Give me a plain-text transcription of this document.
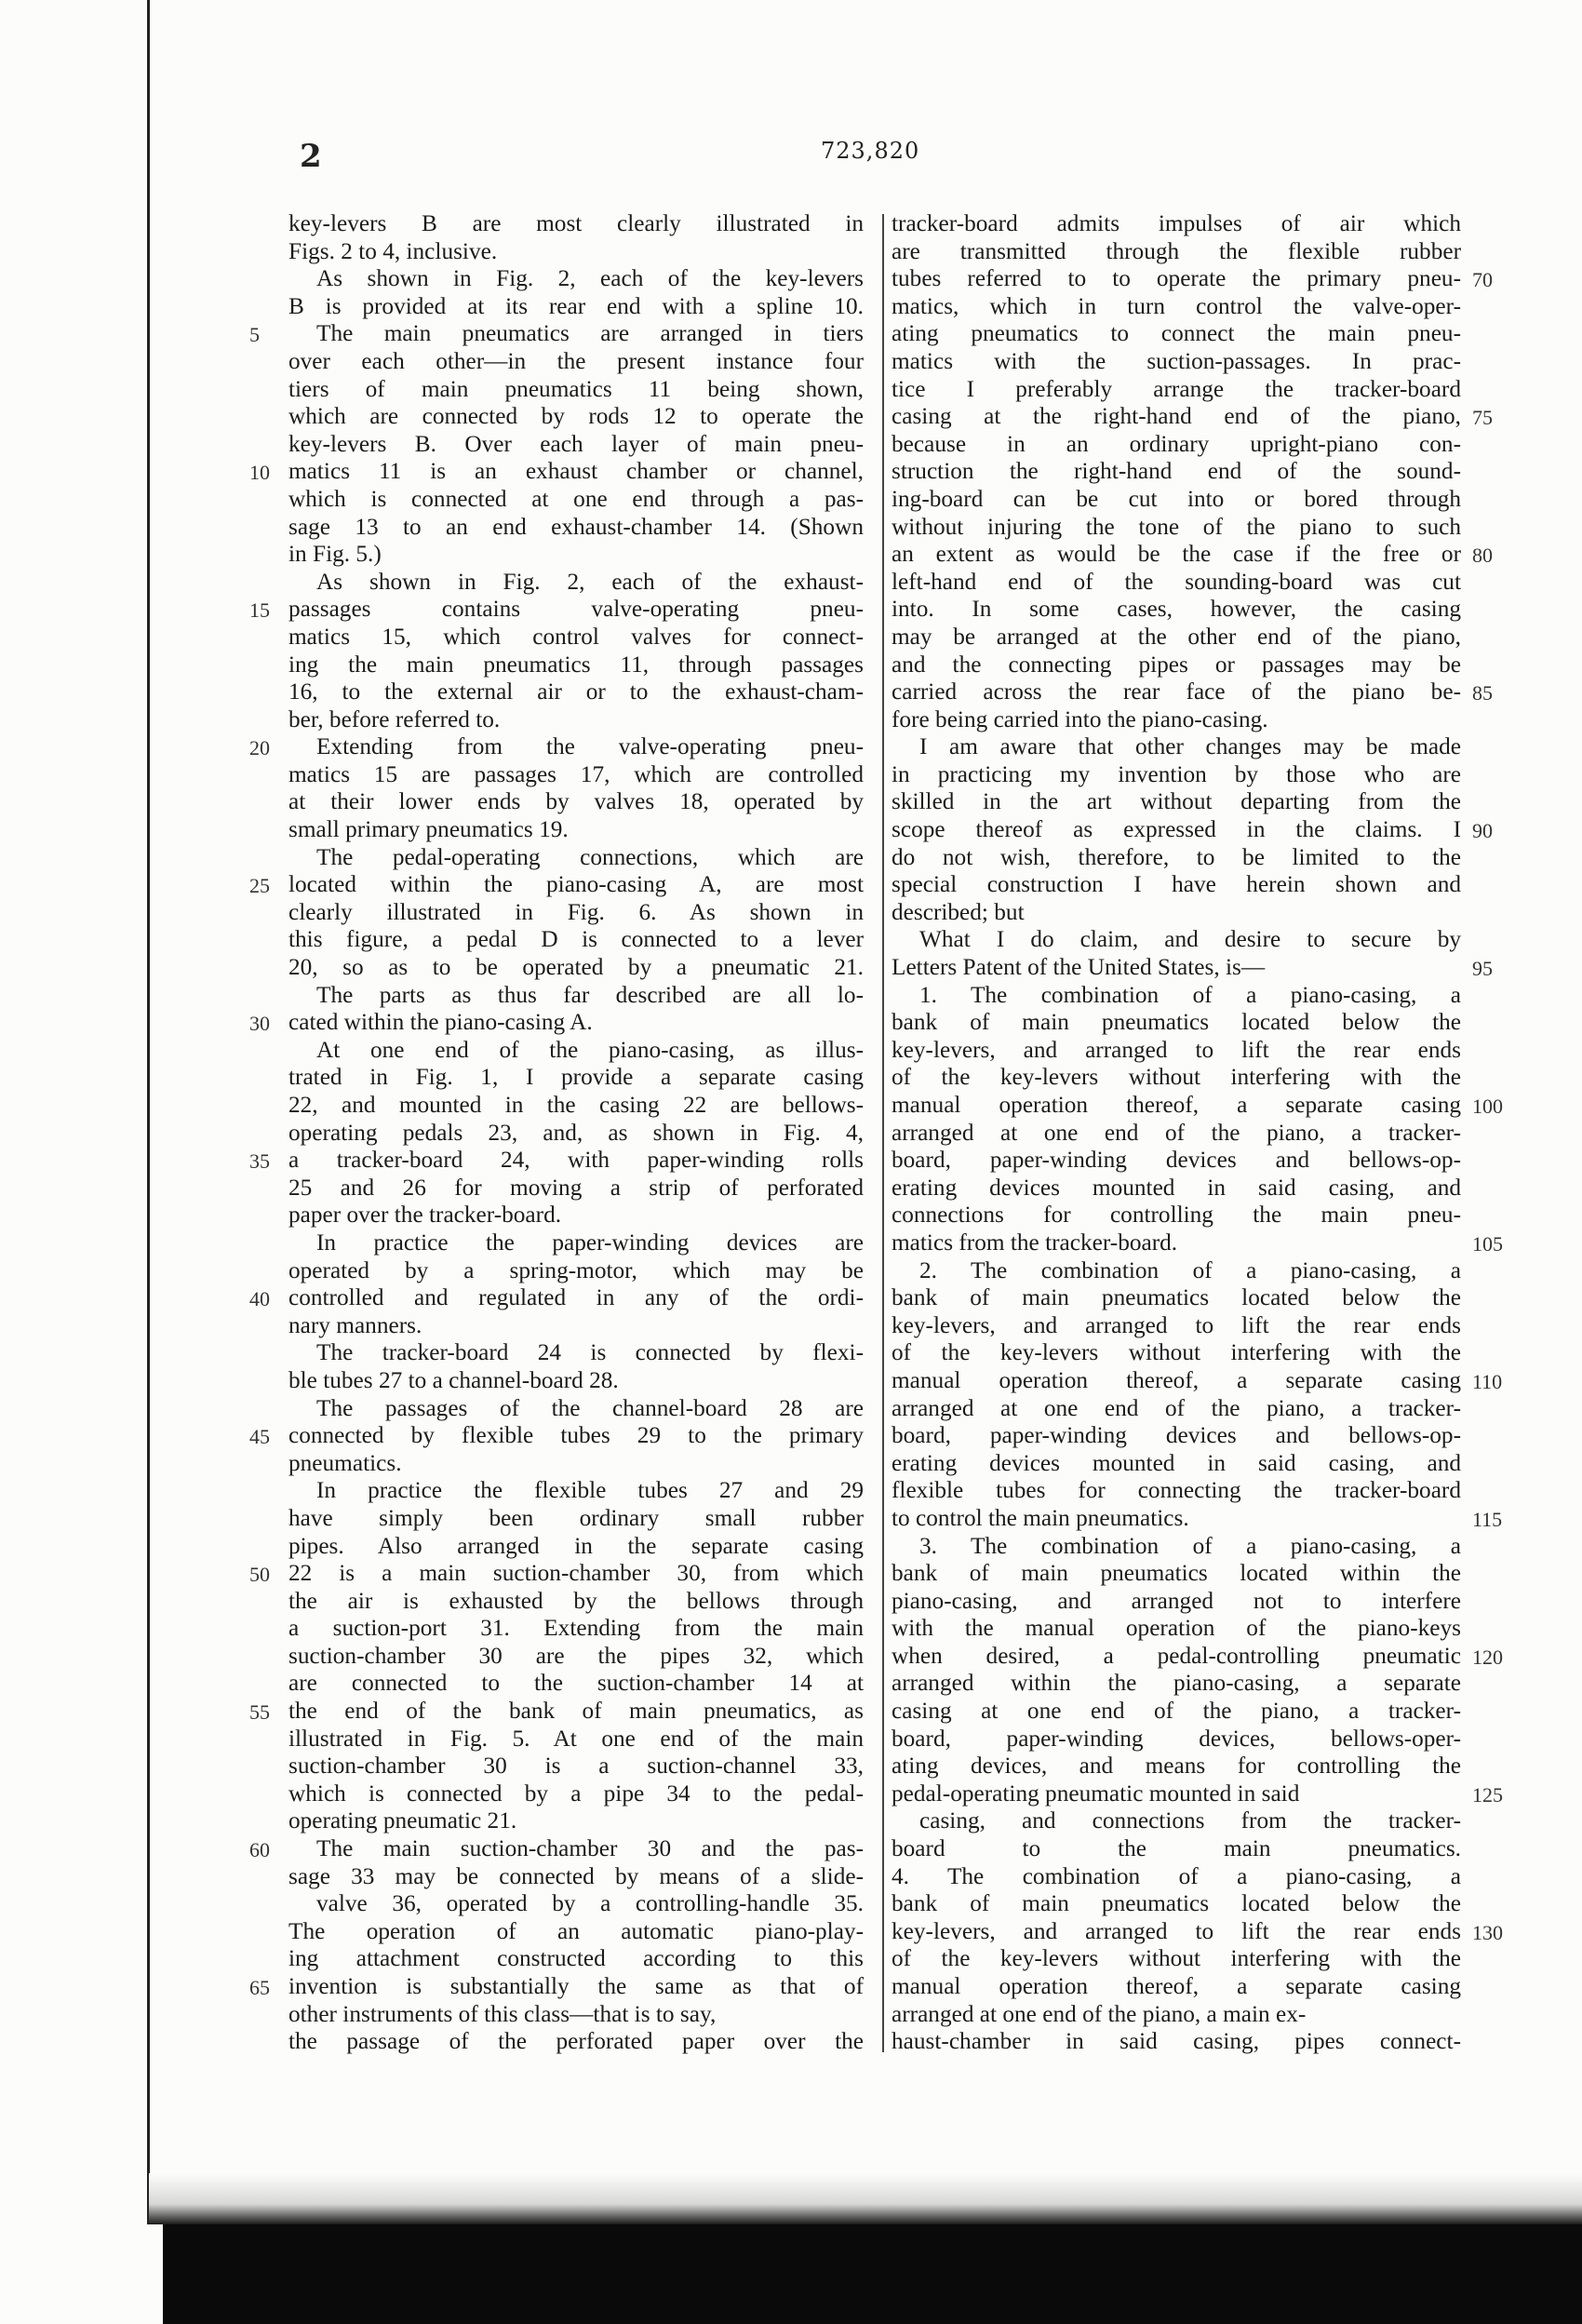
2	723,820
key-levers B are most clearly illustrated in
Figs. 2 to 4, inclusive.
As shown in Fig. 2, each of the key-levers
B is provided at its rear end with a spline 10.
The main pneumatics are arranged in tiers
over each other—in the present instance four
tiers of main pneumatics 11 being shown,
which are connected by rods 12 to operate the
key-levers B. Over each layer of main pneu-
matics 11 is an exhaust chamber or channel,
which is connected at one end through a pas-
sage 13 to an end exhaust-chamber 14. (Shown
in Fig. 5.)
As shown in Fig. 2, each of the exhaust-
passages contains valve-operating pneu-
matics 15, which control valves for connect-
ing the main pneumatics 11, through passages
16, to the external air or to the exhaust-cham-
ber, before referred to.
Extending from the valve-operating pneu-
matics 15 are passages 17, which are controlled
at their lower ends by valves 18, operated by
small primary pneumatics 19.
The pedal-operating connections, which are
located within the piano-casing A, are most
clearly illustrated in Fig. 6. As shown in
this figure, a pedal D is connected to a lever
20, so as to be operated by a pneumatic 21.
The parts as thus far described are all lo-
cated within the piano-casing A.
At one end of the piano-casing, as illus-
trated in Fig. 1, I provide a separate casing
22, and mounted in the casing 22 are bellows-
operating pedals 23, and, as shown in Fig. 4,
a tracker-board 24, with paper-winding rolls
25 and 26 for moving a strip of perforated
paper over the tracker-board.
In practice the paper-winding devices are
operated by a spring-motor, which may be
controlled and regulated in any of the ordi-
nary manners.
The tracker-board 24 is connected by flexi-
ble tubes 27 to a channel-board 28.
The passages of the channel-board 28 are
connected by flexible tubes 29 to the primary
pneumatics.
In practice the flexible tubes 27 and 29
have simply been ordinary small rubber
pipes. Also arranged in the separate casing
22 is a main suction-chamber 30, from which
the air is exhausted by the bellows through
a suction-port 31. Extending from the main
suction-chamber 30 are the pipes 32, which
are connected to the suction-chamber 14 at
the end of the bank of main pneumatics, as
illustrated in Fig. 5. At one end of the main
suction-chamber 30 is a suction-channel 33,
which is connected by a pipe 34 to the pedal-
operating pneumatic 21.
The main suction-chamber 30 and the pas-
sage 33 may be connected by means of a slide-
valve 36, operated by a controlling-handle 35.
The operation of an automatic piano-play-
ing attachment constructed according to this
invention is substantially the same as that of
other instruments of this class—that is to say,
the passage of the perforated paper over the
tracker-board admits impulses of air which
are transmitted through the flexible rubber
tubes referred to to operate the primary pneu-
matics, which in turn control the valve-oper-
ating pneumatics to connect the main pneu-
matics with the suction-passages. In prac-
tice I preferably arrange the tracker-board
casing at the right-hand end of the piano,
because in an ordinary upright-piano con-
struction the right-hand end of the sound-
ing-board can be cut into or bored through
without injuring the tone of the piano to such
an extent as would be the case if the free or
left-hand end of the sounding-board was cut
into. In some cases, however, the casing
may be arranged at the other end of the piano,
and the connecting pipes or passages may be
carried across the rear face of the piano be-
fore being carried into the piano-casing.
I am aware that other changes may be made
in practicing my invention by those who are
skilled in the art without departing from the
scope thereof as expressed in the claims. I
do not wish, therefore, to be limited to the
special construction I have herein shown and
described; but
What I do claim, and desire to secure by
Letters Patent of the United States, is—
1. The combination of a piano-casing, a
bank of main pneumatics located below the
key-levers, and arranged to lift the rear ends
of the key-levers without interfering with the
manual operation thereof, a separate casing
arranged at one end of the piano, a tracker-
board, paper-winding devices and bellows-op-
erating devices mounted in said casing, and
connections for controlling the main pneu-
matics from the tracker-board.
2. The combination of a piano-casing, a
bank of main pneumatics located below the
key-levers, and arranged to lift the rear ends
of the key-levers without interfering with the
manual operation thereof, a separate casing
arranged at one end of the piano, a tracker-
board, paper-winding devices and bellows-op-
erating devices mounted in said casing, and
flexible tubes for connecting the tracker-board
to control the main pneumatics.
3. The combination of a piano-casing, a
bank of main pneumatics located within the
piano-casing, and arranged not to interfere
with the manual operation of the piano-keys
when desired, a pedal-controlling pneumatic
arranged within the piano-casing, a separate
casing at one end of the piano, a tracker-
board, paper-winding devices, bellows-oper-
ating devices, and means for controlling the
pedal-operating pneumatic mounted in said
casing, and connections from the tracker-
board to the main pneumatics.
4. The combination of a piano-casing, a
bank of main pneumatics located below the
key-levers, and arranged to lift the rear ends
of the key-levers without interfering with the
manual operation thereof, a separate casing
arranged at one end of the piano, a main ex-
haust-chamber in said casing, pipes connect-
5
10
15
20
25
30
35
40
45
50
55
60
65
70
75
80
85
90
95
100
105
110
115
120
125
130
